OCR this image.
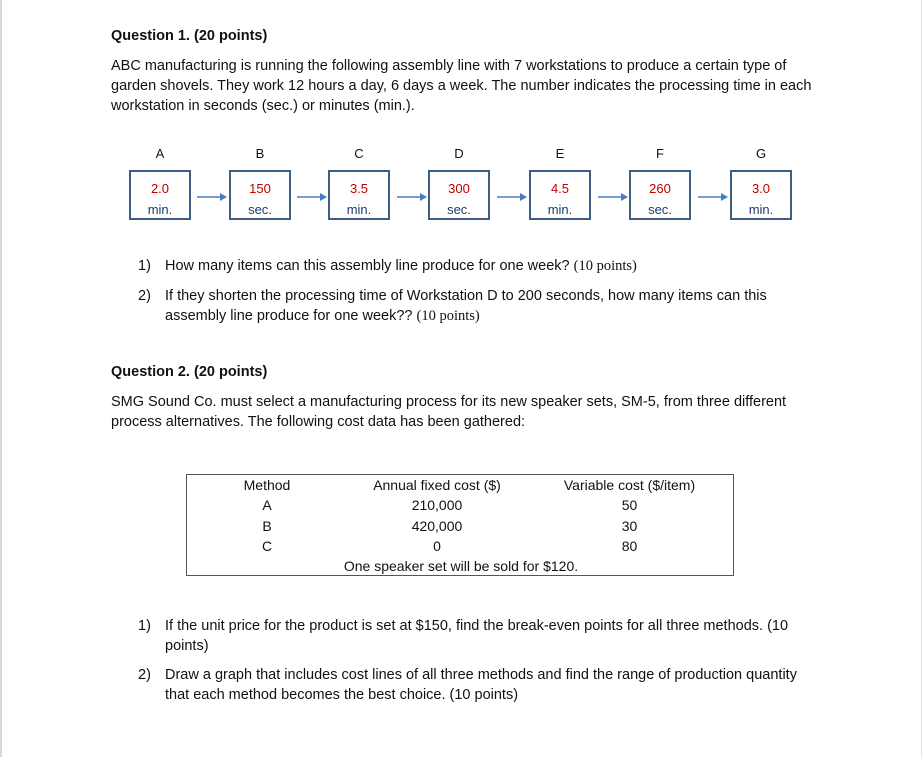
Question 1. (20 points)
ABC manufacturing is running the following assembly line with 7 workstations to produce a certain type of garden shovels. They work 12 hours a day, 6 days a week. The number indicates the processing time in each workstation in seconds (sec.) or minutes (min.).
A	B	C	D	E	F	G
2.0
min.
150
sec.
3.5
min.
300
sec.
4.5
min.
260
sec.
3.0
min.
1) How many items can this assembly line produce for one week? (10 points)
2) If they shorten the processing time of Workstation D to 200 seconds, how many items can this assembly line produce for one week?? (10 points)
Question 2. (20 points)
SMG Sound Co. must select a manufacturing process for its new speaker sets, SM-5, from three different process alternatives. The following cost data has been gathered:
Method	Annual fixed cost ($)	Variable cost ($/item)
A	210,000	50
B	420,000	30
C	0	80
One speaker set will be sold for $120.
1) If the unit price for the product is set at $150, find the break-even points for all three methods. (10 points)
2) Draw a graph that includes cost lines of all three methods and find the range of production quantity that each method becomes the best choice. (10 points)
